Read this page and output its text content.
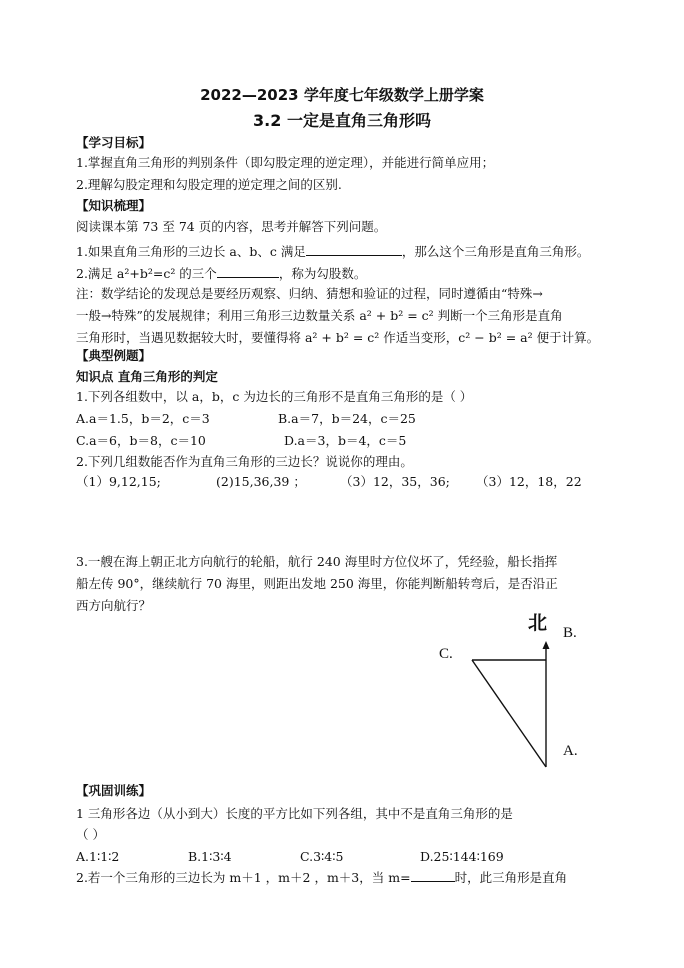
2022—2023 学年度七年级数学上册学案
3.2 一定是直角三角形吗
【学习目标】
1.掌握直角三角形的判别条件（即勾股定理的逆定理），并能进行简单应用；
2.理解勾股定理和勾股定理的逆定理之间的区别.
【知识梳理】
阅读课本第 73 至 74 页的内容，思考并解答下列问题。
1.如果直角三角形的三边长 a、b、c 满足	，那么这个三角形是直角三角形。
2.满足 a²+b²=c² 的三个	，称为勾股数。
注：数学结论的发现总是要经历观察、归纳、猜想和验证的过程，同时遵循由“特殊→
一般→特殊”的发展规律；利用三角形三边数量关系 a² + b² = c² 判断一个三角形是直角
三角形时，当遇见数据较大时，要懂得将 a² + b² = c² 作适当变形，c² − b² = a² 便于计算。
【典型例题】
知识点 直角三角形的判定
1.下列各组数中，以 a，b，c 为边长的三角形不是直角三角形的是（ ）
A.a＝1.5，b＝2，c＝3	B.a＝7，b＝24，c＝25
C.a＝6，b＝8，c＝10	D.a＝3，b＝4，c＝5
2.下列几组数能否作为直角三角形的三边长？说说你的理由。
（1）9,12,15;	(2)15,36,39 ；	（3）12，35，36; （3）12，18，22
3.一艘在海上朝正北方向航行的轮船，航行 240 海里时方位仪坏了，凭经验，船长指挥
船左传 90°，继续航行 70 海里，则距出发地 250 海里，你能判断船转弯后，是否沿正
西方向航行？
北 B.
C.
A.
【巩固训练】
1 三角形各边（从小到大）长度的平方比如下列各组，其中不是直角三角形的是
（ ）
A.1∶1∶2	B.1∶3∶4	C.3∶4∶5	D.25∶144∶169
2.若一个三角形的三边长为 m＋1 ，m＋2 ，m＋3，当 m=	时，此三角形是直角
